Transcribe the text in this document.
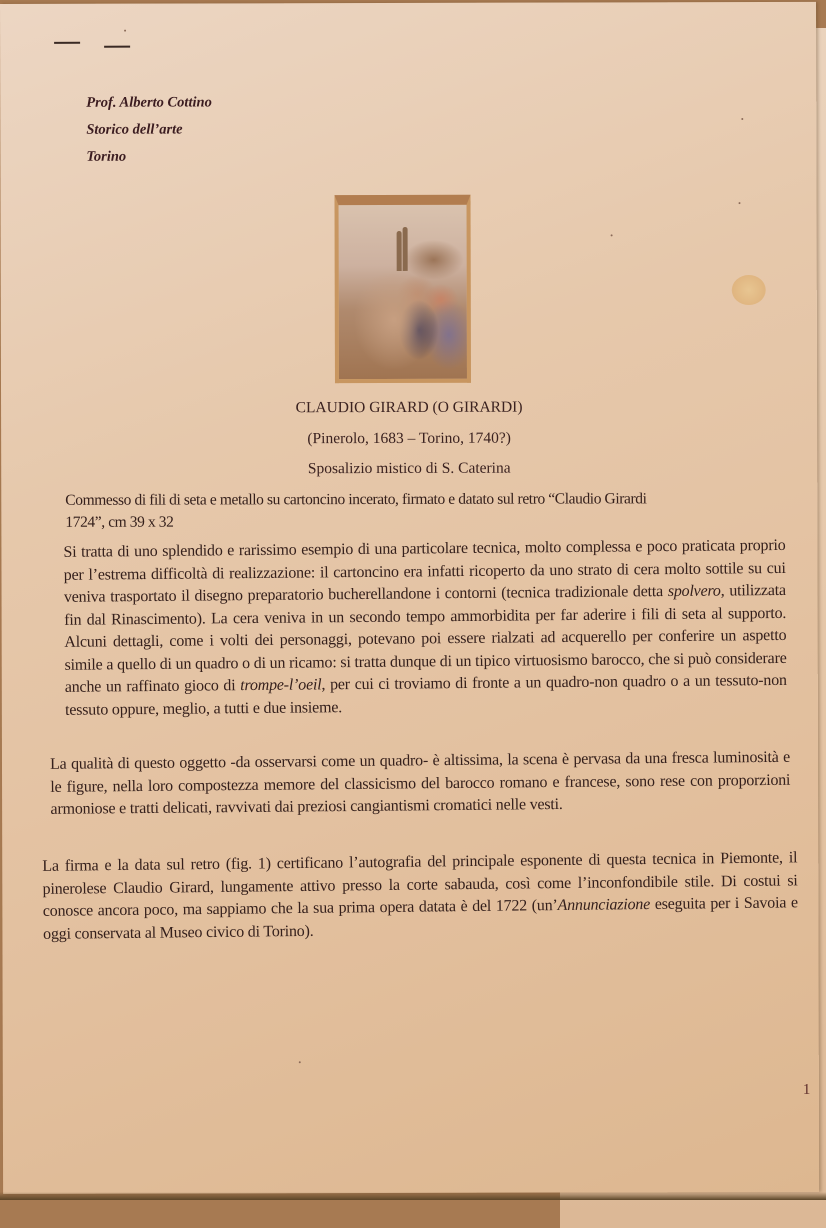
Prof. Alberto Cottino
Storico dell’arte
Torino
CLAUDIO GIRARD (O GIRARDI)
(Pinerolo, 1683 – Torino, 1740?)
Sposalizio mistico di S. Caterina
Commesso di fili di seta e metallo su cartoncino incerato, firmato e datato sul retro “Claudio Girardi
1724”, cm 39 x 32
Si tratta di uno splendido e rarissimo esempio di una particolare tecnica, molto complessa e poco praticata proprio per l’estrema difficoltà di realizzazione: il cartoncino era infatti ricoperto da uno strato di cera molto sottile su cui veniva trasportato il disegno preparatorio bucherellandone i contorni (tecnica tradizionale detta spolvero, utilizzata fin dal Rinascimento). La cera veniva in un secondo tempo ammorbidita per far aderire i fili di seta al supporto. Alcuni dettagli, come i volti dei personaggi, potevano poi essere rialzati ad acquerello per conferire un aspetto simile a quello di un quadro o di un ricamo: si tratta dunque di un tipico virtuosismo barocco, che si può considerare anche un raffinato gioco di trompe-l’oeil, per cui ci troviamo di fronte a un quadro-non quadro o a un tessuto-non tessuto oppure, meglio, a tutti e due insieme.
La qualità di questo oggetto -da osservarsi come un quadro- è altissima, la scena è pervasa da una fresca luminosità e le figure, nella loro compostezza memore del classicismo del barocco romano e francese, sono rese con proporzioni armoniose e tratti delicati, ravvivati dai preziosi cangiantismi cromatici nelle vesti.
La firma e la data sul retro (fig. 1) certificano l’autografia del principale esponente di questa tecnica in Piemonte, il pinerolese Claudio Girard, lungamente attivo presso la corte sabauda, così come l’inconfondibile stile. Di costui si conosce ancora poco, ma sappiamo che la sua prima opera datata è del 1722 (un’Annunciazione eseguita per i Savoia e oggi conservata al Museo civico di Torino).
1
